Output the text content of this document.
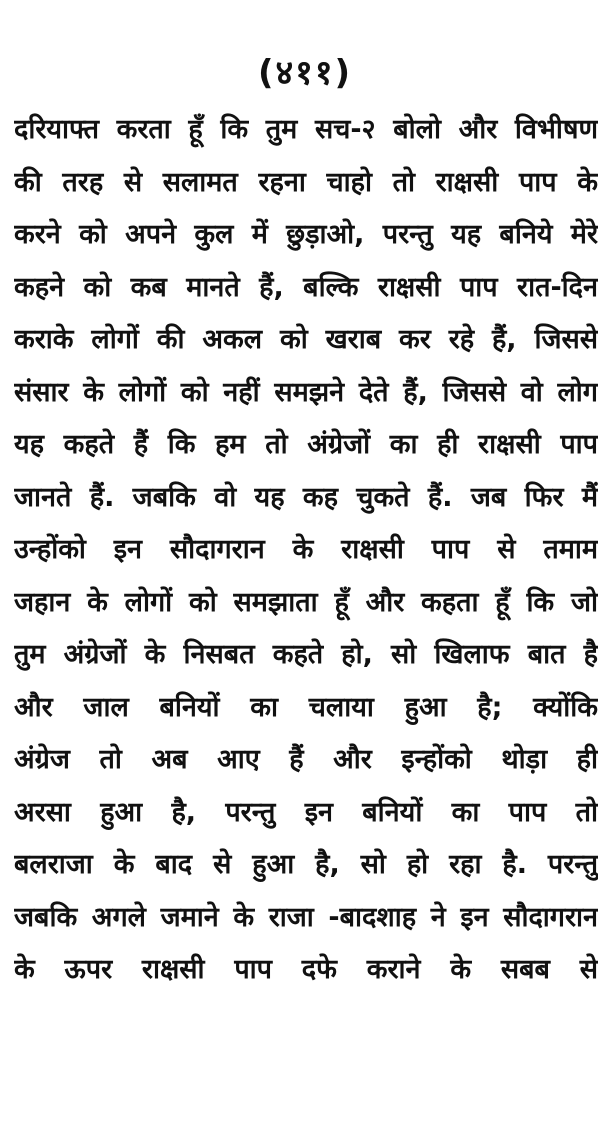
(४११)
दरियाफ्त करता हूँ कि तुम सच-२ बोलो और विभीषण
की तरह से सलामत रहना चाहो तो राक्षसी पाप के
करने को अपने कुल में छुड़ाओ, परन्तु यह बनिये मेरे
कहने को कब मानते हैं, बल्कि राक्षसी पाप रात-दिन
कराके लोगों की अकल को खराब कर रहे हैं, जिससे
संसार के लोगों को नहीं समझने देते हैं, जिससे वो लोग
यह कहते हैं कि हम तो अंग्रेजों का ही राक्षसी पाप
जानते हैं. जबकि वो यह कह चुकते हैं. जब फिर मैं
उन्होंको इन सौदागरान के राक्षसी पाप से तमाम
जहान के लोगों को समझाता हूँ और कहता हूँ कि जो
तुम अंग्रेजों के निसबत कहते हो, सो खिलाफ बात है
और जाल बनियों का चलाया हुआ है; क्योंकि
अंग्रेज तो अब आए हैं और इन्होंको थोड़ा ही
अरसा हुआ है, परन्तु इन बनियों का पाप तो
बलराजा के बाद से हुआ है, सो हो रहा है. परन्तु
जबकि अगले जमाने के राजा -बादशाह ने इन सौदागरान
के ऊपर राक्षसी पाप दफे कराने के सबब से
